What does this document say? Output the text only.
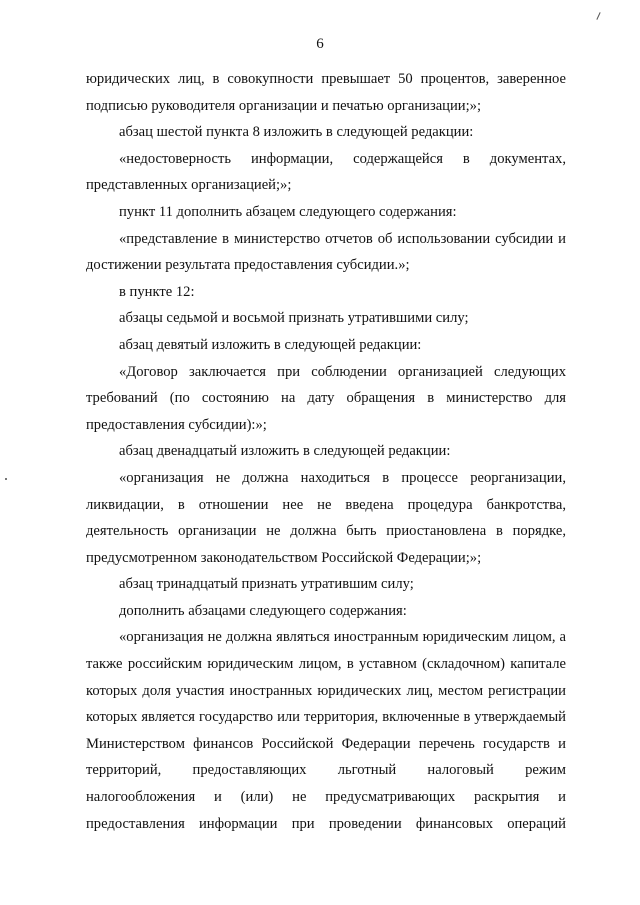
6

юридических лиц, в совокупности превышает 50 процентов, заверенное подписью руководителя организации и печатью организации;»;

абзац шестой пункта 8 изложить в следующей редакции:

«недостоверность информации, содержащейся в документах, представленных организацией;»;

пункт 11 дополнить абзацем следующего содержания:

«представление в министерство отчетов об использовании субсидии и достижении результата предоставления субсидии.»;

в пункте 12:

абзацы седьмой и восьмой признать утратившими силу;

абзац девятый изложить в следующей редакции:

«Договор заключается при соблюдении организацией следующих требований (по состоянию на дату обращения в министерство для предоставления субсидии):»;

абзац двенадцатый изложить в следующей редакции:

«организация не должна находиться в процессе реорганизации, ликвидации, в отношении нее не введена процедура банкротства, деятельность организации не должна быть приостановлена в порядке, предусмотренном законодательством Российской Федерации;»;

абзац тринадцатый признать утратившим силу;

дополнить абзацами следующего содержания:

«организация не должна являться иностранным юридическим лицом, а также российским юридическим лицом, в уставном (складочном) капитале которых доля участия иностранных юридических лиц, местом регистрации которых является государство или территория, включенные в утверждаемый Министерством финансов Российской Федерации перечень государств и территорий, предоставляющих льготный налоговый режим налогообложения и (или) не предусматривающих раскрытия и предоставления информации при проведении финансовых операций
